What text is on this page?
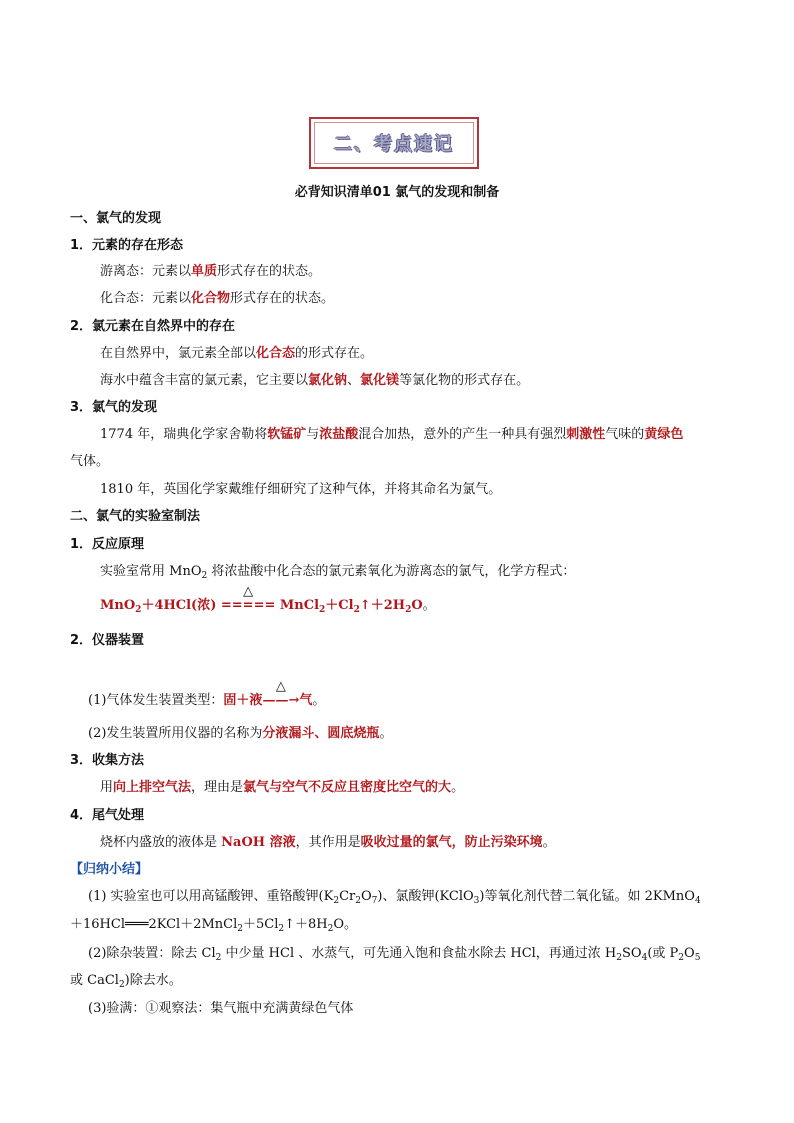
二、考点速记
必背知识清单01 氯气的发现和制备
一、氯气的发现
1．元素的存在形态
游离态：元素以单质形式存在的状态。
化合态：元素以化合物形式存在的状态。
2．氯元素在自然界中的存在
在自然界中，氯元素全部以化合态的形式存在。
海水中蕴含丰富的氯元素，它主要以氯化钠、氯化镁等氯化物的形式存在。
3．氯气的发现
1774 年，瑞典化学家舍勒将软锰矿与浓盐酸混合加热，意外的产生一种具有强烈刺激性气味的黄绿色
气体。
1810 年，英国化学家戴维仔细研究了这种气体，并将其命名为氯气。
二、氯气的实验室制法
1．反应原理
实验室常用 MnO$_2$ 将浓盐酸中化合态的氯元素氧化为游离态的氯气，化学方程式：
MnO$_2$＋4HCl(浓)
△
===== $MnCl_2+Cl_2↑+2H_2O$。
2．仪器装置
(1)气体发生装置类型：固＋液
△
——→气。
(2)发生装置所用仪器的名称为分液漏斗、圆底烧瓶。
3．收集方法
用向上排空气法，理由是氯气与空气不反应且密度比空气的大。
4．尾气处理
烧杯内盛放的液体是 NaOH 溶液，其作用是吸收过量的氯气，防止污染环境。
【归纳小结】
(1) 实验室也可以用高锰酸钾、重铬酸钾$(K_2Cr_2O_7)$、氯酸钾(KClO$_3$)等氧化剂代替二氧化锰。如 2KMnO$_4$
$+16HCl═══2KCl+2MnCl_2+5Cl_2↑+8H_2O$。
(2)除杂装置：除去 $Cl_2$ 中少量 HCl 、水蒸气，可先通入饱和食盐水除去 HCl，再通过浓 $H_2SO_4$(或 $P_2O_5$
或 CaCl$_2$)除去水。
(3)验满：①观察法：集气瓶中充满黄绿色气体
